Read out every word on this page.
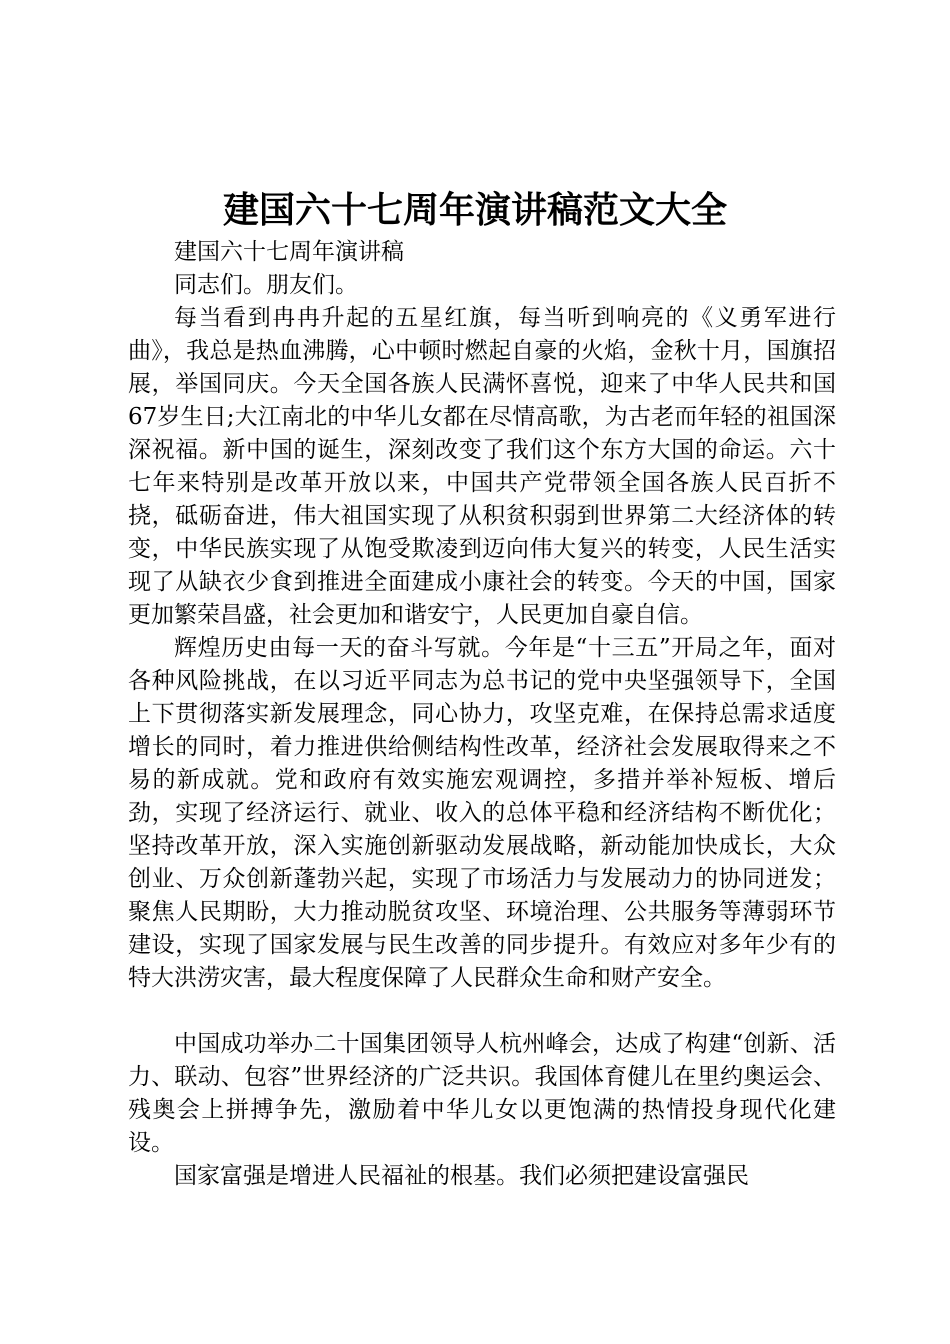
建国六十七周年演讲稿范文大全

建国六十七周年演讲稿

同志们。朋友们。

每当看到冉冉升起的五星红旗，每当听到响亮的《义勇军进行曲》，我总是热血沸腾，心中顿时燃起自豪的火焰，金秋十月，国旗招展，举国同庆。今天全国各族人民满怀喜悦，迎来了中华人民共和国67岁生日;大江南北的中华儿女都在尽情高歌，为古老而年轻的祖国深深祝福。新中国的诞生，深刻改变了我们这个东方大国的命运。六十七年来特别是改革开放以来，中国共产党带领全国各族人民百折不挠，砥砺奋进，伟大祖国实现了从积贫积弱到世界第二大经济体的转变，中华民族实现了从饱受欺凌到迈向伟大复兴的转变，人民生活实现了从缺衣少食到推进全面建成小康社会的转变。今天的中国，国家更加繁荣昌盛，社会更加和谐安宁，人民更加自豪自信。

辉煌历史由每一天的奋斗写就。今年是“十三五”开局之年，面对各种风险挑战，在以习近平同志为总书记的党中央坚强领导下，全国上下贯彻落实新发展理念，同心协力，攻坚克难，在保持总需求适度增长的同时，着力推进供给侧结构性改革，经济社会发展取得来之不易的新成就。党和政府有效实施宏观调控，多措并举补短板、增后劲，实现了经济运行、就业、收入的总体平稳和经济结构不断优化；坚持改革开放，深入实施创新驱动发展战略，新动能加快成长，大众创业、万众创新蓬勃兴起，实现了市场活力与发展动力的协同迸发；聚焦人民期盼，大力推动脱贫攻坚、环境治理、公共服务等薄弱环节建设，实现了国家发展与民生改善的同步提升。有效应对多年少有的特大洪涝灾害，最大程度保障了人民群众生命和财产安全。

中国成功举办二十国集团领导人杭州峰会，达成了构建“创新、活力、联动、包容”世界经济的广泛共识。我国体育健儿在里约奥运会、残奥会上拼搏争先，激励着中华儿女以更饱满的热情投身现代化建设。

国家富强是增进人民福祉的根基。我们必须把建设富强民
